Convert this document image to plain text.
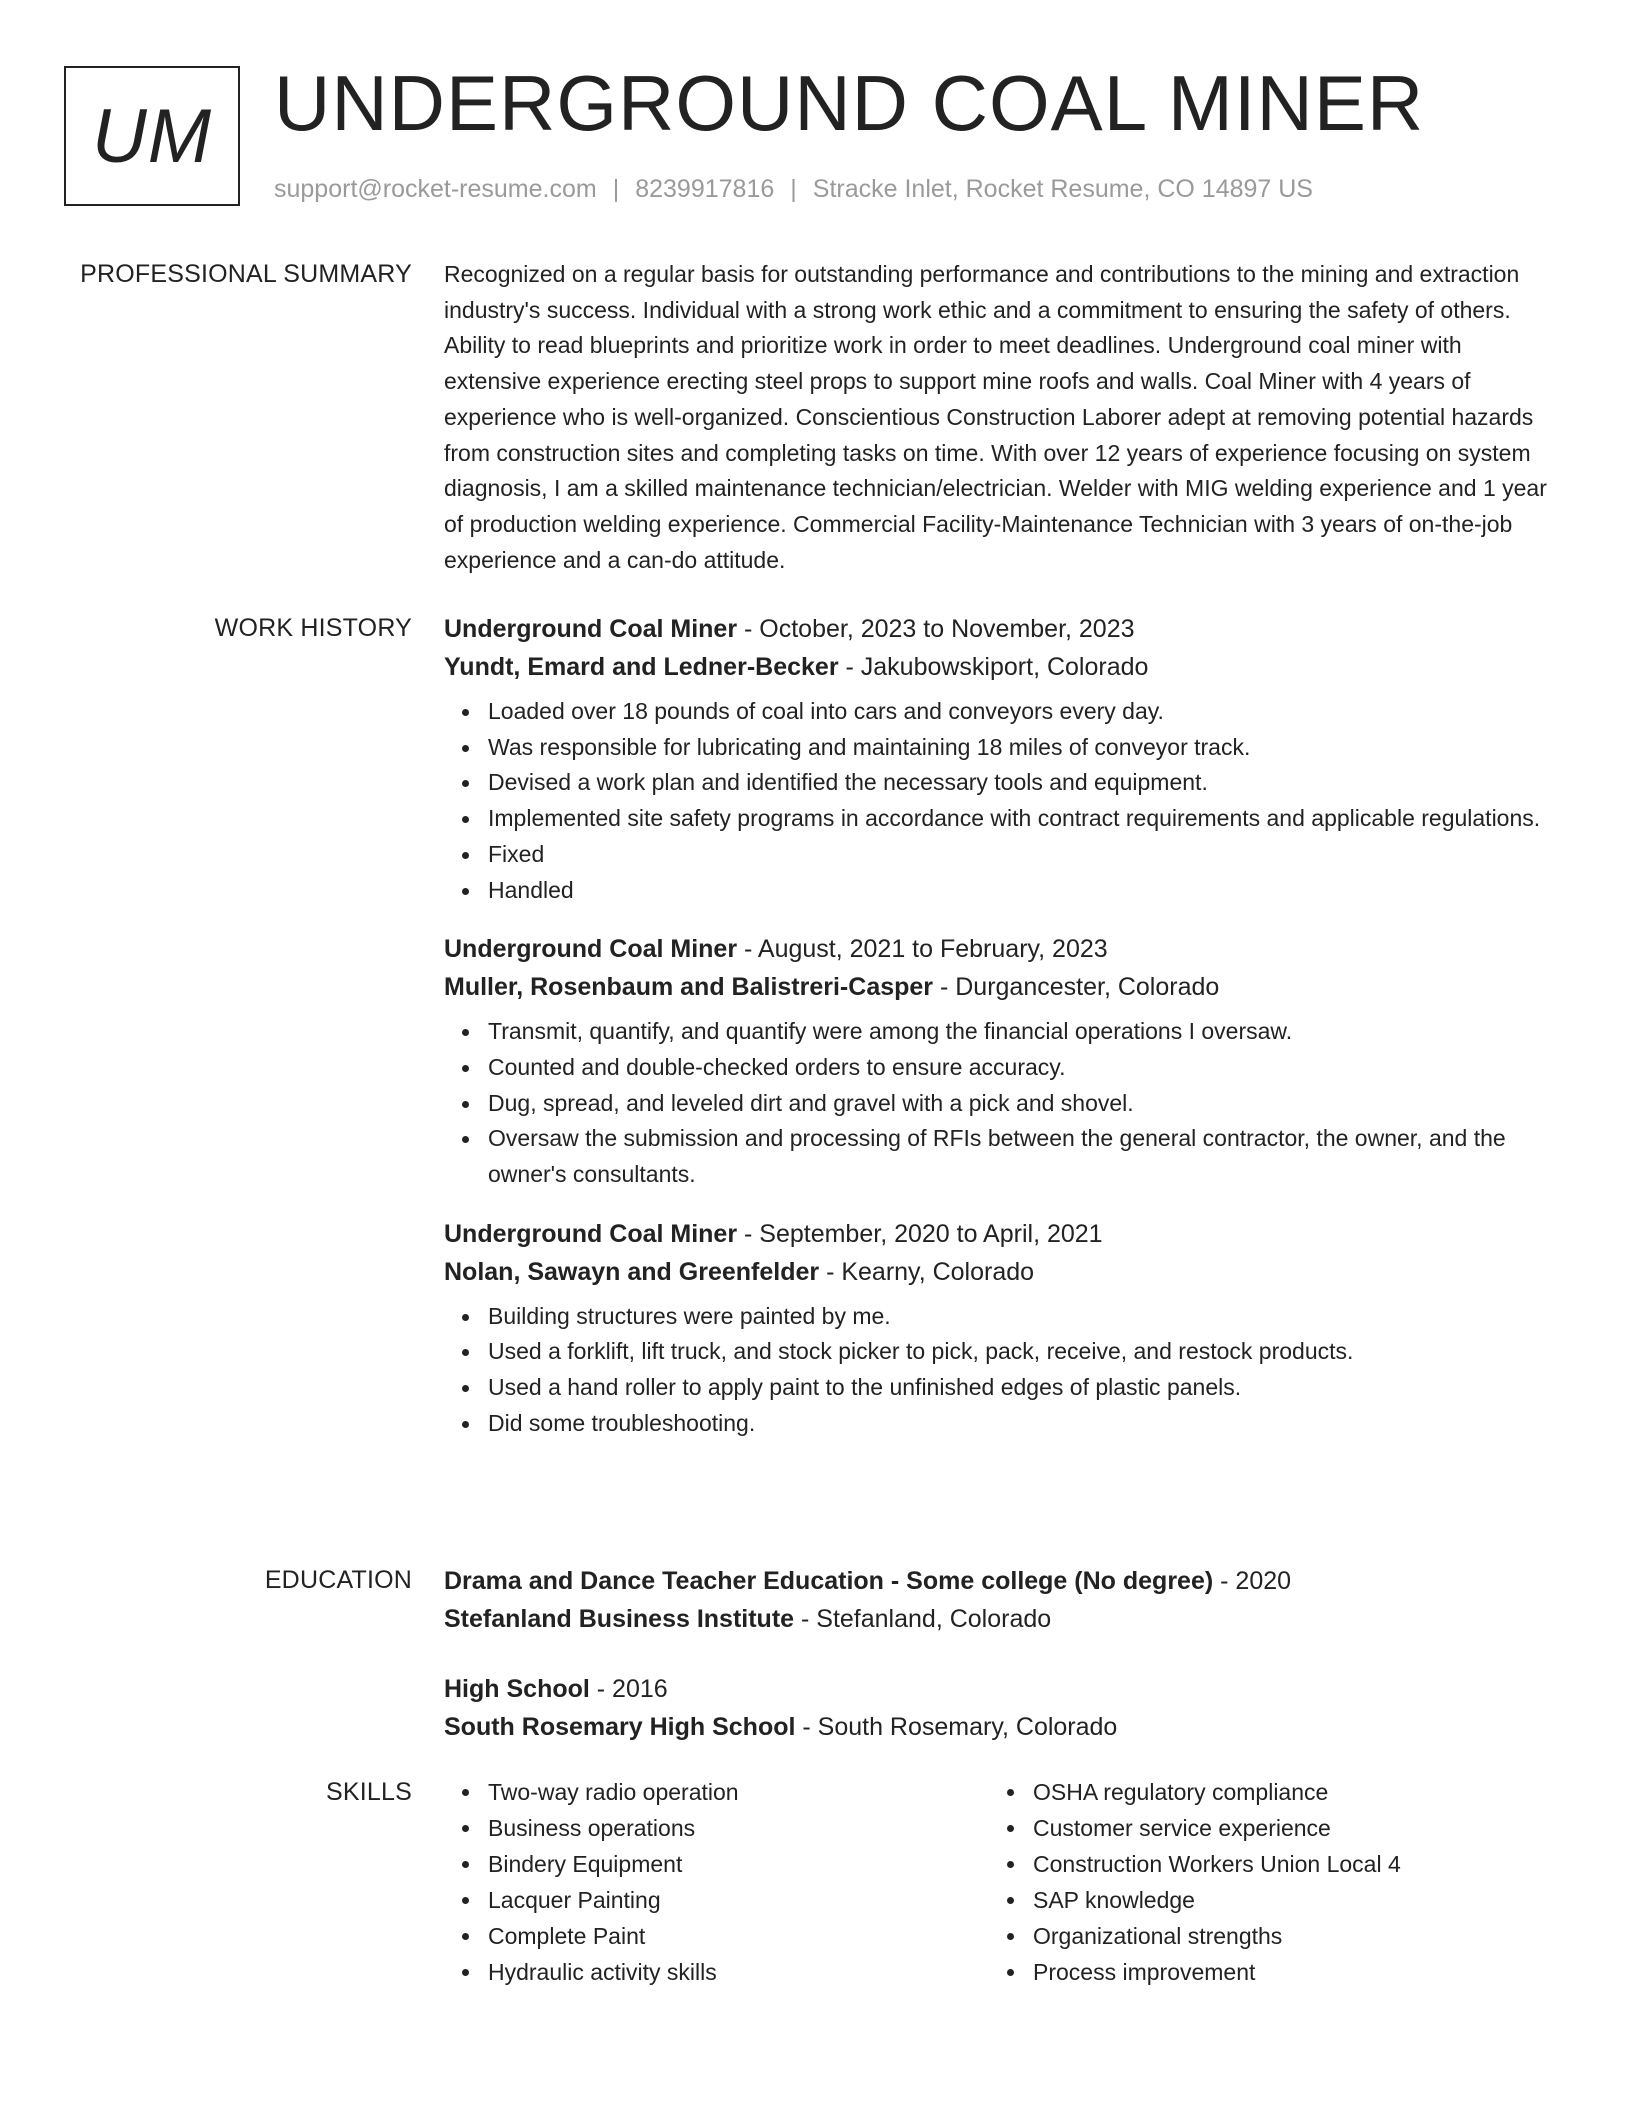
UM UNDERGROUND COAL MINER
support@rocket-resume.com | 8239917816 | Stracke Inlet, Rocket Resume, CO 14897 US
PROFESSIONAL SUMMARY Recognized on a regular basis for outstanding performance and contributions to the mining and extraction industry's success. Individual with a strong work ethic and a commitment to ensuring the safety of others. Ability to read blueprints and prioritize work in order to meet deadlines. Underground coal miner with extensive experience erecting steel props to support mine roofs and walls. Coal Miner with 4 years of experience who is well-organized. Conscientious Construction Laborer adept at removing potential hazards from construction sites and completing tasks on time. With over 12 years of experience focusing on system diagnosis, I am a skilled maintenance technician/electrician. Welder with MIG welding experience and 1 year of production welding experience. Commercial Facility-Maintenance Technician with 3 years of on-the-job experience and a can-do attitude.

WORK HISTORY Underground Coal Miner - October, 2023 to November, 2023
Yundt, Emard and Ledner-Becker - Jakubowskiport, Colorado
Loaded over 18 pounds of coal into cars and conveyors every day.
Was responsible for lubricating and maintaining 18 miles of conveyor track.
Devised a work plan and identified the necessary tools and equipment.
Implemented site safety programs in accordance with contract requirements and applicable regulations.
Fixed
Handled
Underground Coal Miner - August, 2021 to February, 2023
Muller, Rosenbaum and Balistreri-Casper - Durgancester, Colorado
Transmit, quantify, and quantify were among the financial operations I oversaw.
Counted and double-checked orders to ensure accuracy.
Dug, spread, and leveled dirt and gravel with a pick and shovel.
Oversaw the submission and processing of RFIs between the general contractor, the owner, and the owner's consultants.
Underground Coal Miner - September, 2020 to April, 2021
Nolan, Sawayn and Greenfelder - Kearny, Colorado
Building structures were painted by me.
Used a forklift, lift truck, and stock picker to pick, pack, receive, and restock products.
Used a hand roller to apply paint to the unfinished edges of plastic panels.
Did some troubleshooting.
EDUCATION Drama and Dance Teacher Education - Some college (No degree) - 2020
Stefanland Business Institute - Stefanland, Colorado
High School - 2016
South Rosemary High School - South Rosemary, Colorado
SKILLS	Two-way radio operation
Business operations
Bindery Equipment
Lacquer Painting
Complete Paint
Hydraulic activity skills
OSHA regulatory compliance
Customer service experience
Construction Workers Union Local 4
SAP knowledge
Organizational strengths
Process improvement
